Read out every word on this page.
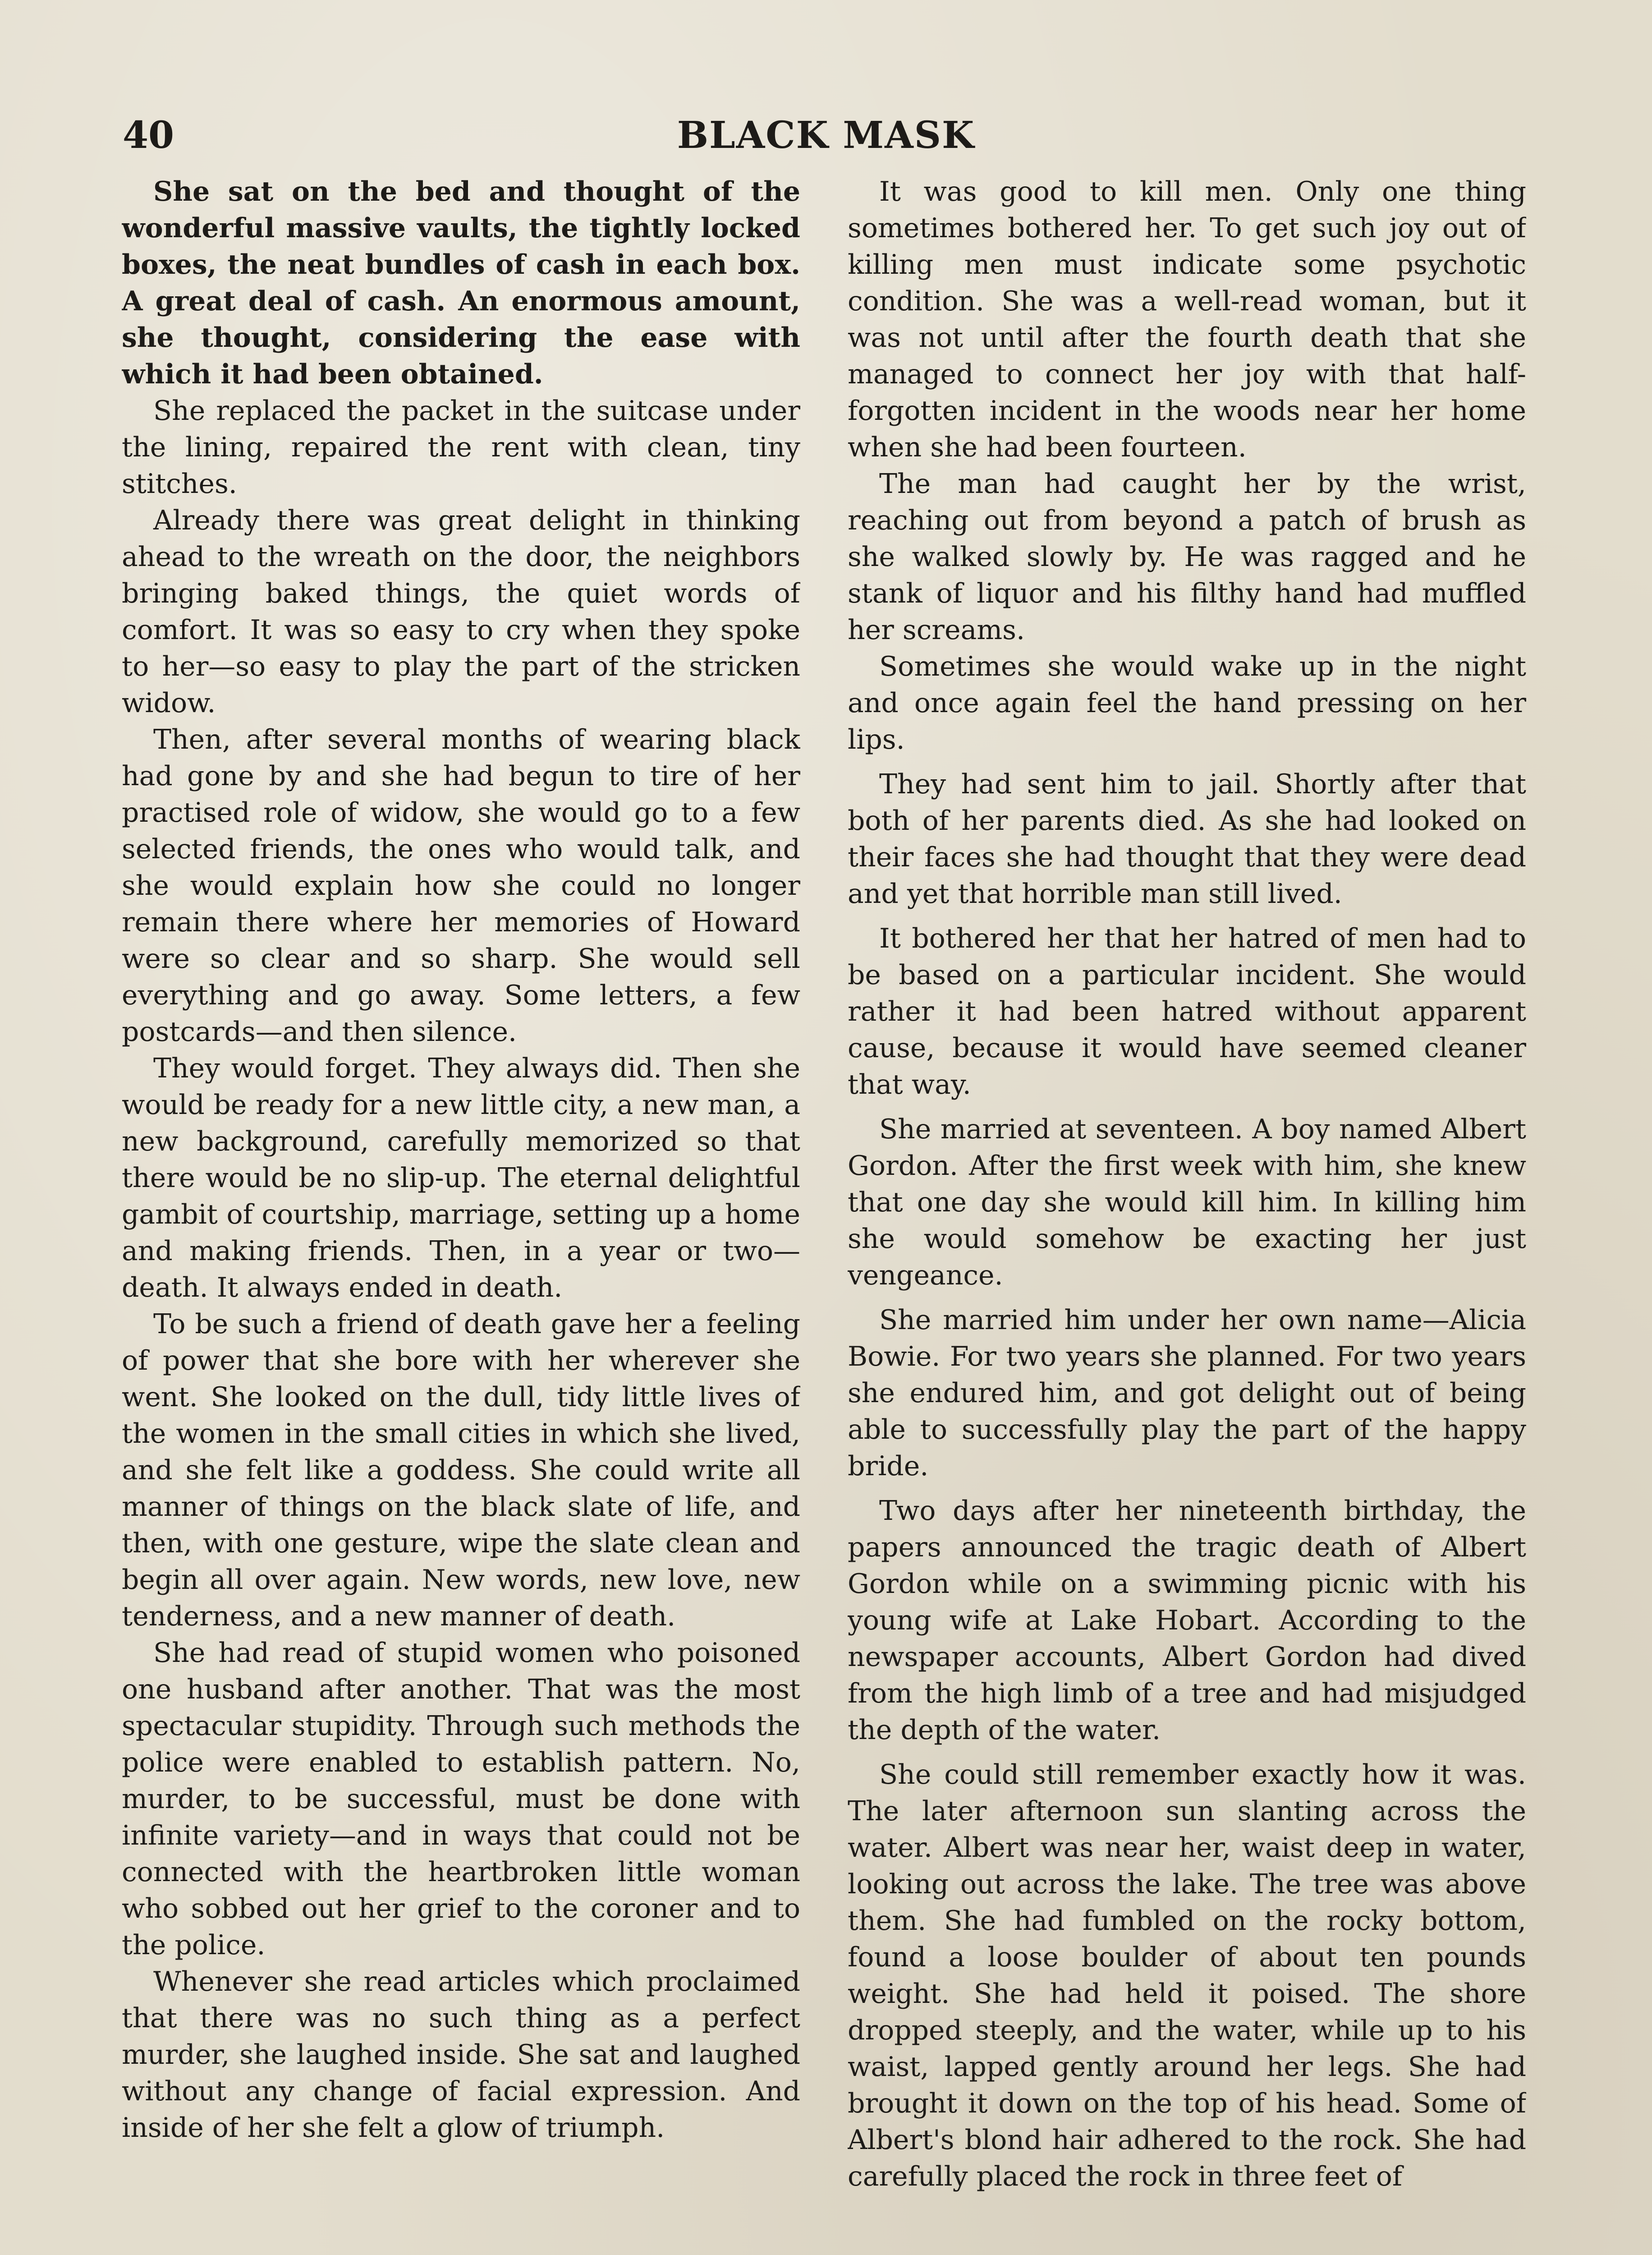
40	BLACK MASK

She sat on the bed and thought of the wonderful massive vaults, the tightly locked boxes, the neat bundles of cash in each box. A great deal of cash. An enormous amount, she thought, considering the ease with which it had been obtained.

She replaced the packet in the suitcase under the lining, repaired the rent with clean, tiny stitches.

Already there was great delight in thinking ahead to the wreath on the door, the neighbors bringing baked things, the quiet words of comfort. It was so easy to cry when they spoke to her—so easy to play the part of the stricken widow.

Then, after several months of wearing black had gone by and she had begun to tire of her practised role of widow, she would go to a few selected friends, the ones who would talk, and she would explain how she could no longer remain there where her memories of Howard were so clear and so sharp. She would sell everything and go away. Some letters, a few postcards—and then silence.

They would forget. They always did. Then she would be ready for a new little city, a new man, a new background, carefully memorized so that there would be no slip-up. The eternal delightful gambit of courtship, marriage, setting up a home and making friends. Then, in a year or two—death. It always ended in death.

To be such a friend of death gave her a feeling of power that she bore with her wherever she went. She looked on the dull, tidy little lives of the women in the small cities in which she lived, and she felt like a goddess. She could write all manner of things on the black slate of life, and then, with one gesture, wipe the slate clean and begin all over again. New words, new love, new tenderness, and a new manner of death.

She had read of stupid women who poisoned one husband after another. That was the most spectacular stupidity. Through such methods the police were enabled to establish pattern. No, murder, to be successful, must be done with infinite variety—and in ways that could not be connected with the heartbroken little woman who sobbed out her grief to the coroner and to the police.

Whenever she read articles which proclaimed that there was no such thing as a perfect murder, she laughed inside. She sat and laughed without any change of facial expression. And inside of her she felt a glow of triumph.

It was good to kill men. Only one thing sometimes bothered her. To get such joy out of killing men must indicate some psychotic condition. She was a well-read woman, but it was not until after the fourth death that she managed to connect her joy with that half-forgotten incident in the woods near her home when she had been fourteen.

The man had caught her by the wrist, reaching out from beyond a patch of brush as she walked slowly by. He was ragged and he stank of liquor and his filthy hand had muffled her screams.

Sometimes she would wake up in the night and once again feel the hand pressing on her lips.

They had sent him to jail. Shortly after that both of her parents died. As she had looked on their faces she had thought that they were dead and yet that horrible man still lived.

It bothered her that her hatred of men had to be based on a particular incident. She would rather it had been hatred without apparent cause, because it would have seemed cleaner that way.

She married at seventeen. A boy named Albert Gordon. After the first week with him, she knew that one day she would kill him. In killing him she would somehow be exacting her just vengeance.

She married him under her own name—Alicia Bowie. For two years she planned. For two years she endured him, and got delight out of being able to successfully play the part of the happy bride.

Two days after her nineteenth birthday, the papers announced the tragic death of Albert Gordon while on a swimming picnic with his young wife at Lake Hobart. According to the newspaper accounts, Albert Gordon had dived from the high limb of a tree and had misjudged the depth of the water.

She could still remember exactly how it was. The later afternoon sun slanting across the water. Albert was near her, waist deep in water, looking out across the lake. The tree was above them. She had fumbled on the rocky bottom, found a loose boulder of about ten pounds weight. She had held it poised. The shore dropped steeply, and the water, while up to his waist, lapped gently around her legs. She had brought it down on the top of his head. Some of Albert's blond hair adhered to the rock. She had carefully placed the rock in three feet of
